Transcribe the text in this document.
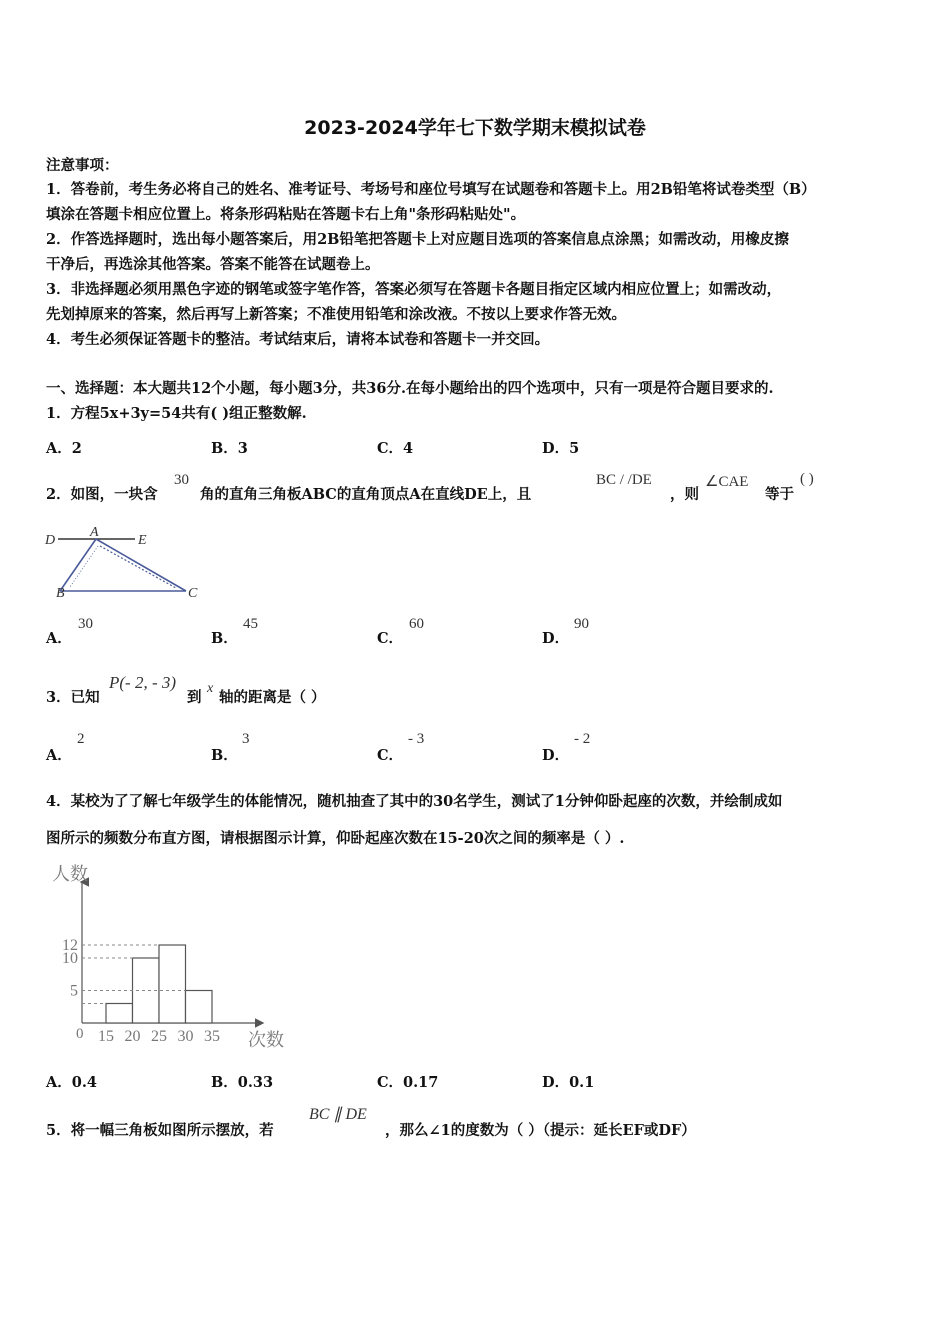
2023-2024学年七下数学期末模拟试卷
注意事项：
1．答卷前，考生务必将自己的姓名、准考证号、考场号和座位号填写在试题卷和答题卡上。用2B铅笔将试卷类型（B）
填涂在答题卡相应位置上。将条形码粘贴在答题卡右上角"条形码粘贴处"。
2．作答选择题时，选出每小题答案后，用2B铅笔把答题卡上对应题目选项的答案信息点涂黑；如需改动，用橡皮擦
干净后，再选涂其他答案。答案不能答在试题卷上。
3．非选择题必须用黑色字迹的钢笔或签字笔作答，答案必须写在答题卡各题目指定区域内相应位置上；如需改动，
先划掉原来的答案，然后再写上新答案；不准使用铅笔和涂改液。不按以上要求作答无效。
4．考生必须保证答题卡的整洁。考试结束后，请将本试卷和答题卡一并交回。
一、选择题：本大题共12个小题，每小题3分，共36分.在每小题给出的四个选项中，只有一项是符合题目要求的.
1．方程5x+3y=54共有( )组正整数解.
A．2	B．3	C．4	D．5
2．如图，一块含
30
角的直角三角板ABC的直角顶点A在直线DE上，且
BC / /DE
，则
∠CAE
等于
( )
D
A
E
B	C
A．
30
B．
45
C．
60
D．
90
3．已知
P(- 2, - 3)
到
x
轴的距离是（ ）
A．
2
B．
3
C．
- 3
D．
- 2
4．某校为了了解七年级学生的体能情况，随机抽查了其中的30名学生，测试了1分钟仰卧起座的次数，并绘制成如
图所示的频数分布直方图，请根据图示计算，仰卧起座次数在15-20次之间的频率是（ ）.
5
10
12
15 20 25 30 35
人数
次数
0
A．0.4	B．0.33	C．0.17	D．0.1
5．将一幅三角板如图所示摆放，若
BC ∥ DE
，那么∠1的度数为（ ）（提示：延长EF或DF）
